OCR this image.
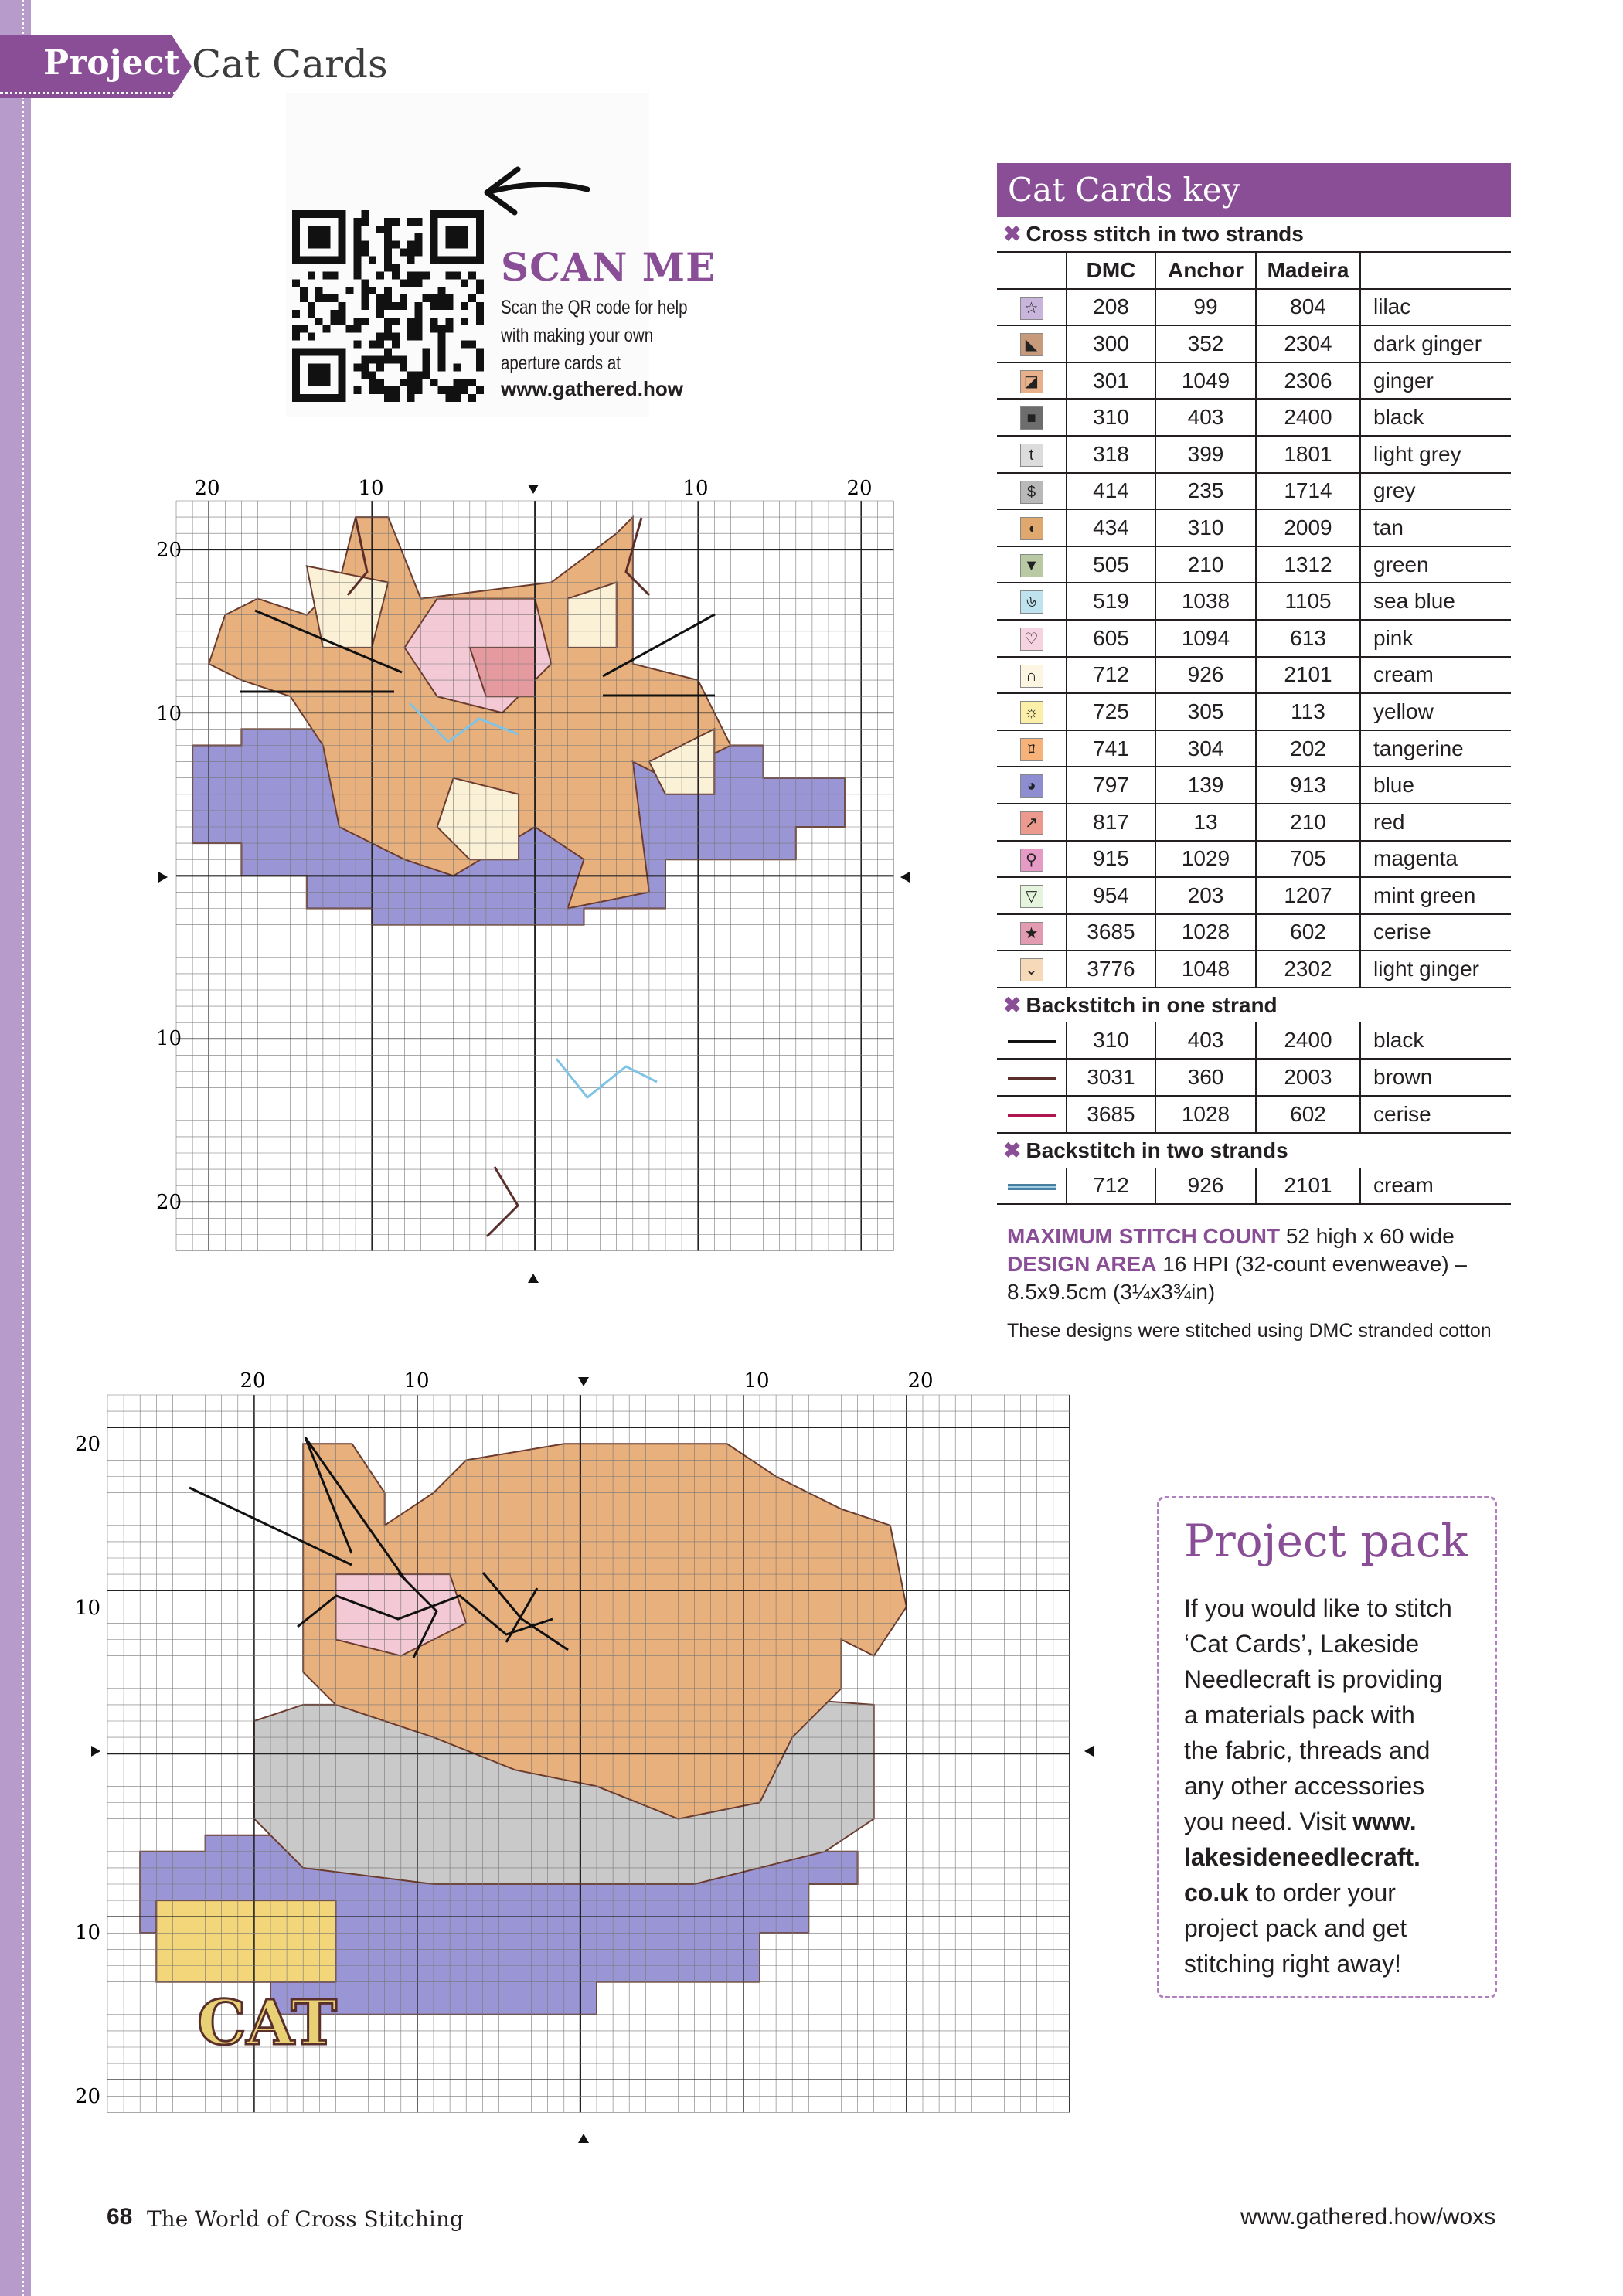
Project Cat Cards
SCAN ME
Scan the QR code for help
with making your own
aperture cards at
www.gathered.how
20	10	10	20
20
10
10
20
CAT
20	10	10	20
20
10
10
20
Cat Cards key
✖ Cross stitch in two strands
	DMC	Anchor	Madeira	
☆	208	99	804	lilac
◣	300	352	2304	dark ginger
◪	301	1049	2306	ginger
■	310	403	2400	black
t	318	399	1801	light grey
$	414	235	1714	grey
◖	434	310	2009	tan
▼	505	210	1312	green
৬	519	1038	1105	sea blue
♡	605	1094	613	pink
∩	712	926	2101	cream
☼	725	305	113	yellow
ﾛ	741	304	202	tangerine
◕	797	139	913	blue
↗	817	13	210	red
⚲	915	1029	705	magenta
▽	954	203	1207	mint green
★	3685	1028	602	cerise
⌄	3776	1048	2302	light ginger
✖ Backstitch in one strand
	310	403	2400	black
	3031	360	2003	brown
	3685	1028	602	cerise
✖ Backstitch in two strands
	712	926	2101	cream
MAXIMUM STITCH COUNT 52 high x 60 wide
DESIGN AREA 16 HPI (32-count evenweave) –
8.5x9.5cm (3¼x3¾in)
These designs were stitched using DMC stranded cotton
Project pack
If you would like to stitch
‘Cat Cards’, Lakeside
Needlecraft is providing
a materials pack with
the fabric, threads and
any other accessories
you need. Visit www.
lakesideneedlecraft.
co.uk to order your
project pack and get
stitching right away!
68 The World of Cross Stitching	www.gathered.how/woxs
